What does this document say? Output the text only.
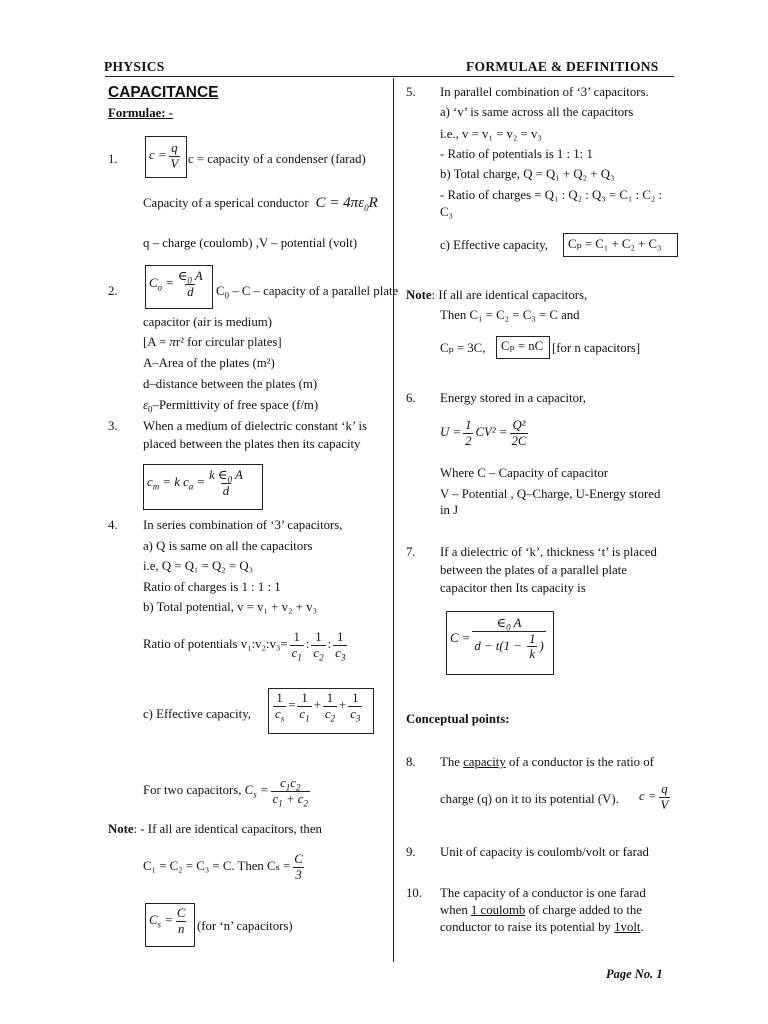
PHYSICS	FORMULAE & DEFINITIONS
CAPACITANCE
Formulae: -
1. $c = \frac{q}{V}$ c = capacity of a condenser (farad)
Capacity of a sperical conductor  $C = 4\pi\varepsilon_0R$
q – charge (coulomb) ,V – potential (volt)
2.
$C_o = \frac{\in_0 A}{d} C_0 - C$ – capacity of a parallel plate
capacitor (air is medium)
[A = πr² for circular plates]
A–Area of the plates (m²)
d–distance between the plates (m)
$\varepsilon_0$–Permittivity of free space (f/m)
3. When a medium of dielectric constant ‘k’ is
placed between the plates then its capacity
$c_m = k$ $c_a = \frac{k \in_0 A}{d}$
4. In series combination of ‘3’ capacitors,
a) Q is same on all the capacitors
i.e, Q = Q₁ = Q₂ = Q₃
Ratio of charges is 1 : 1 : 1
b) Total potential, v = v₁ + v₂ + v₃
Ratio of potentials v₁:v₂:v₃= $\frac{1}{c_1}$ : $\frac{1}{c_2}$ : $\frac{1}{c_3}$
c) Effective capacity, $\frac{1}{c_s} = \frac{1}{c_1} + \frac{1}{c_2} + \frac{1}{c_3}$
For two capacitors, $C_s = \frac{c_1c_2}{c_1 + c_2}$
Note: - If all are identical capacitors, then
C₁ = C₂ = C₃ = C. Then $C_s = \frac{C}{3}$
$C_s = \frac{C}{n} (for$ ‘n’ capacitors)
5. In parallel combination of ‘3’ capacitors.
a) ‘v’ is same across all the capacitors
i.e., v = v₁ = v₂ = v₃
- Ratio of potentials is 1 : 1: 1
b) Total charge, Q = Q₁ + Q₂ + Q₃
- Ratio of charges = Q₁ : Q₂ : Q₃ = C₁ : C₂ :
C₃
c) Effective capacity, Cₚ = C₁ + C₂ + C₃
Note: If all are identical capacitors,
Then C₁ = C₂ = C₃ = C and
Cₚ = 3C, Cₚ = nC [for n capacitors]
6. Energy stored in a capacitor,
$U = \frac{1}{2} CV^2 = \frac{\text{Q²}}{2C}$
Where C – Capacity of capacitor
V – Potential , Q–Charge, U-Energy stored
in J
7. If a dielectric of ‘k’, thickness ‘t’ is placed
between the plates of a parallel plate
capacitor then Its capacity is
$C = \frac{\in_0 A}{d - t(1 - \frac{1}{k} )}$
Conceptual points:
8. The capacity of a conductor is the ratio of
charge (q) on it to its potential (V). $c = \frac{q}{V}$
9. Unit of capacity is coulomb/volt or farad
10. The capacity of a conductor is one farad
when 1 coulomb of charge added to the
conductor to raise its potential by 1volt.
Page No. 1
